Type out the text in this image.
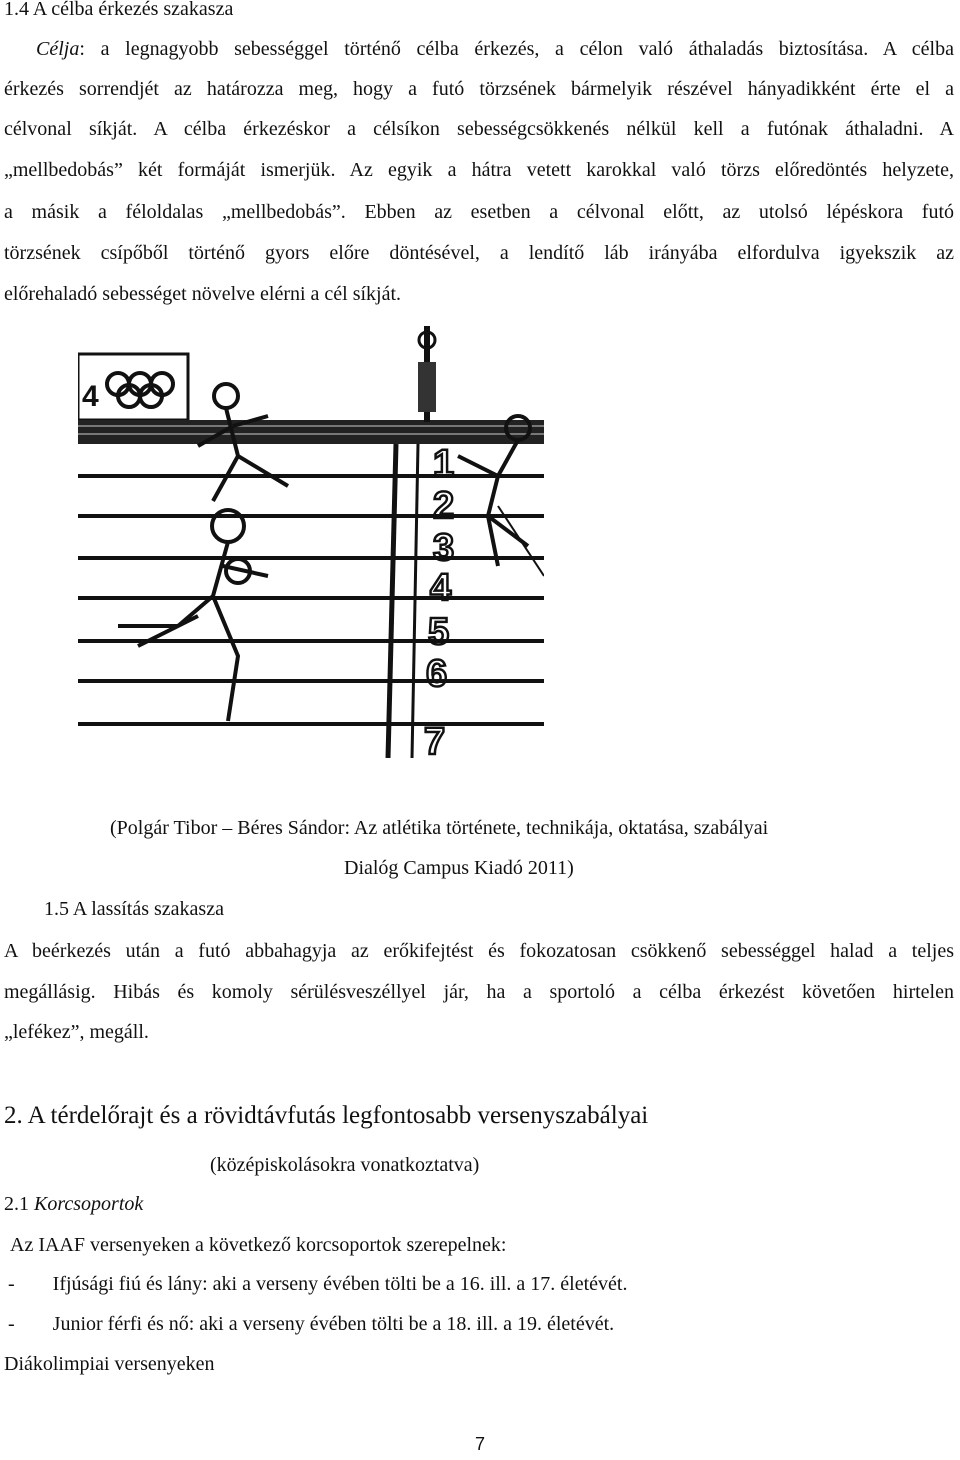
1.4 A célba érkezés szakasza
Célja: a legnagyobb sebességgel történő célba érkezés, a célon való áthaladás biztosítása. A célba
érkezés sorrendjét az határozza meg, hogy a futó törzsének bármelyik részével hányadikként érte el a
célvonal síkját. A célba érkezéskor a célsíkon sebességcsökkenés nélkül kell a futónak áthaladni. A
„mellbedobás” két formáját ismerjük. Az egyik a hátra vetett karokkal való törzs előredöntés helyzete,
a másik a féloldalas „mellbedobás”. Ebben az esetben a célvonal előtt, az utolsó lépéskora futó
törzsének csípőből történő gyors előre döntésével, a lendítő láb irányába elfordulva igyekszik az
előrehaladó sebességet növelve elérni a cél síkját.
4
1
2
3
4
5
6
7
(Polgár Tibor – Béres Sándor: Az atlétika története, technikája, oktatása, szabályai
Dialóg Campus Kiadó 2011)
1.5 A lassítás szakasza
A beérkezés után a futó abbahagyja az erőkifejtést és fokozatosan csökkenő sebességgel halad a teljes
megállásig. Hibás és komoly sérülésveszéllyel jár, ha a sportoló a célba érkezést követően hirtelen
„lefékez”, megáll.
2. A térdelőrajt és a rövidtávfutás legfontosabb versenyszabályai
(középiskolásokra vonatkoztatva)
2.1 Korcsoportok
Az IAAF versenyeken a következő korcsoportok szerepelnek:
- Ifjúsági fiú és lány: aki a verseny évében tölti be a 16. ill. a 17. életévét.
- Junior férfi és nő: aki a verseny évében tölti be a 18. ill. a 19. életévét.
Diákolimpiai versenyeken
7
